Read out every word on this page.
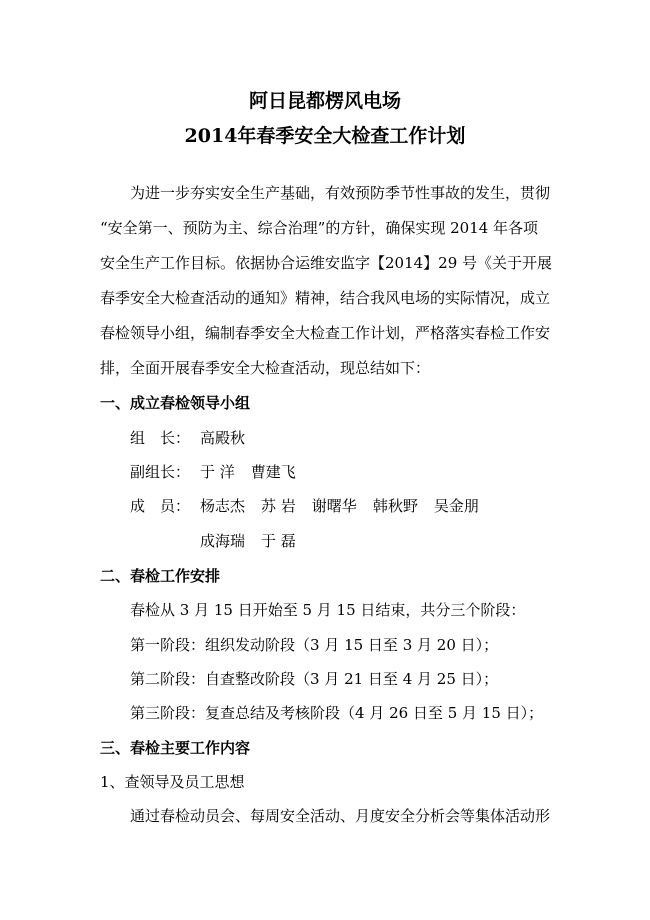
阿日昆都楞风电场
2014年春季安全大检查工作计划
为进一步夯实安全生产基础，有效预防季节性事故的发生，贯彻
“安全第一、预防为主、综合治理”的方针，确保实现 2014 年各项
安全生产工作目标。依据协合运维安监字【2014】29 号《关于开展
春季安全大检查活动的通知》精神，结合我风电场的实际情况，成立
春检领导小组，编制春季安全大检查工作计划，严格落实春检工作安
排，全面开展春季安全大检查活动，现总结如下：
一、成立春检领导小组
组　长： 高殿秋
副组长： 于 洋 曹建飞
成　员： 杨志杰 苏 岩 谢曙华 韩秋野 吴金朋
成海瑞 于 磊
二、春检工作安排
春检从 3 月 15 日开始至 5 月 15 日结束，共分三个阶段：
第一阶段：组织发动阶段（3 月 15 日至 3 月 20 日）；
第二阶段：自查整改阶段（3 月 21 日至 4 月 25 日）；
第三阶段：复查总结及考核阶段（4 月 26 日至 5 月 15 日）；
三、春检主要工作内容
1、查领导及员工思想
通过春检动员会、每周安全活动、月度安全分析会等集体活动形
